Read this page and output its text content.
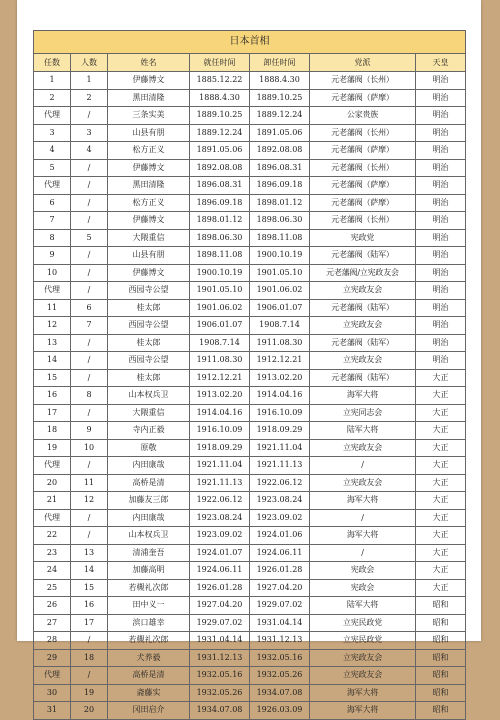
日本首相						
任数	人数	姓名	就任时间	卸任时间	党派	天皇
1	1	伊藤博文	1885.12.22	1888.4.30	元老藩阀（长州）	明治
2	2	黑田清隆	1888.4.30	1889.10.25	元老藩阀（萨摩）	明治
代理	/	三条实美	1889.10.25	1889.12.24	公家贵族	明治
3	3	山县有朋	1889.12.24	1891.05.06	元老藩阀（长州）	明治
4	4	松方正义	1891.05.06	1892.08.08	元老藩阀（萨摩）	明治
5	/	伊藤博文	1892.08.08	1896.08.31	元老藩阀（长州）	明治
代理	/	黑田清隆	1896.08.31	1896.09.18	元老藩阀（萨摩）	明治
6	/	松方正义	1896.09.18	1898.01.12	元老藩阀（萨摩）	明治
7	/	伊藤博文	1898.01.12	1898.06.30	元老藩阀（长州）	明治
8	5	大隈重信	1898.06.30	1898.11.08	宪政党	明治
9	/	山县有朋	1898.11.08	1900.10.19	元老藩阀（陆军）	明治
10	/	伊藤博文	1900.10.19	1901.05.10	元老藩阀/立宪政友会	明治
代理	/	西园寺公望	1901.05.10	1901.06.02	立宪政友会	明治
11	6	桂太郎	1901.06.02	1906.01.07	元老藩阀（陆军）	明治
12	7	西园寺公望	1906.01.07	1908.7.14	立宪政友会	明治
13	/	桂太郎	1908.7.14	1911.08.30	元老藩阀（陆军）	明治
14	/	西园寺公望	1911.08.30	1912.12.21	立宪政友会	明治
15	/	桂太郎	1912.12.21	1913.02.20	元老藩阀（陆军）	大正
16	8	山本权兵卫	1913.02.20	1914.04.16	海军大将	大正
17	/	大隈重信	1914.04.16	1916.10.09	立宪同志会	大正
18	9	寺内正毅	1916.10.09	1918.09.29	陆军大将	大正
19	10	原敬	1918.09.29	1921.11.04	立宪政友会	大正
代理	/	内田康哉	1921.11.04	1921.11.13	/	大正
20	11	高桥是清	1921.11.13	1922.06.12	立宪政友会	大正
21	12	加藤友三郎	1922.06.12	1923.08.24	海军大将	大正
代理	/	内田康哉	1923.08.24	1923.09.02	/	大正
22	/	山本权兵卫	1923.09.02	1924.01.06	海军大将	大正
23	13	清浦奎吾	1924.01.07	1924.06.11	/	大正
24	14	加藤高明	1924.06.11	1926.01.28	宪政会	大正
25	15	若槻礼次郎	1926.01.28	1927.04.20	宪政会	大正
26	16	田中义一	1927.04.20	1929.07.02	陆军大将	昭和
27	17	滨口雄幸	1929.07.02	1931.04.14	立宪民政党	昭和
28	/	若槻礼次郎	1931.04.14	1931.12.13	立宪民政党	昭和
29	18	犬养毅	1931.12.13	1932.05.16	立宪政友会	昭和
代理	/	高桥是清	1932.05.16	1932.05.26	立宪政友会	昭和
30	19	斋藤实	1932.05.26	1934.07.08	海军大将	昭和
31	20	冈田启介	1934.07.08	1926.03.09	海军大将	昭和
